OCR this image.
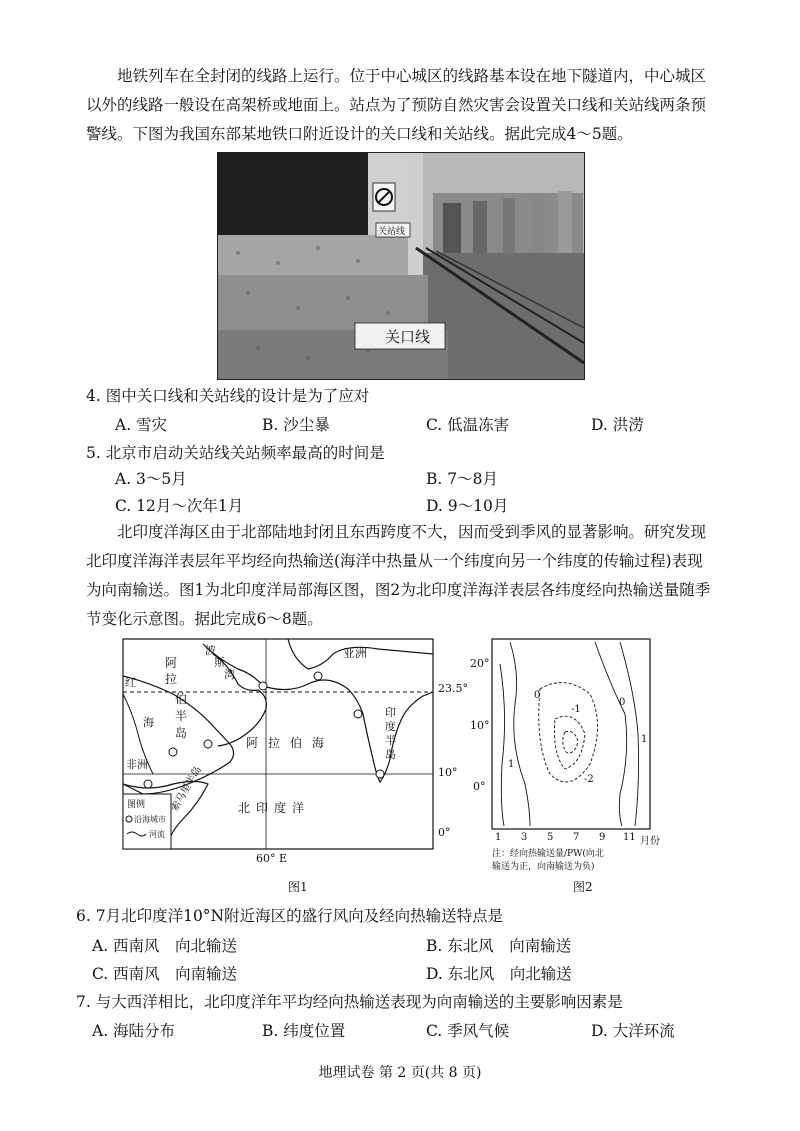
地铁列车在全封闭的线路上运行。位于中心城区的线路基本设在地下隧道内，中心城区以外的线路一般设在高架桥或地面上。站点为了预防自然灾害会设置关口线和关站线两条预警线。下图为我国东部某地铁口附近设计的关口线和关站线。据此完成4～5题。

关站线
关口线
4. 图中关口线和关站线的设计是为了应对
A. 雪灾	B. 沙尘暴	C. 低温冻害	D. 洪涝
5. 北京市启动关站线关站频率最高的时间是
A. 3～5月	B. 7～8月
C. 12月～次年1月	D. 9～10月

北印度洋海区由于北部陆地封闭且东西跨度不大，因而受到季风的显著影响。研究发现北印度洋海洋表层年平均经向热输送(海洋中热量从一个纬度向另一个纬度的传输过程)表现为向南输送。图1为北印度洋局部海区图，图2为北印度洋海洋表层各纬度经向热输送量随季节变化示意图。据此完成6～8题。

阿
拉
伯
半
岛
波
斯
湾
红
海
亚洲
阿 拉 伯 海
印
度
半
岛
非洲
索马里半岛	北印度洋
23.5°
10°
0°
60° E
图例
沿海城市
河流
图1
20°
10°
0°
1 3 5 7 9 11 月份
0
-1
0
1
1
-2
注：经向热输送量/PW(向北
输送为正，向南输送为负)
图2
6. 7月北印度洋10°N附近海区的盛行风向及经向热输送特点是
A. 西南风　向北输送	B. 东北风　向南输送
C. 西南风　向南输送	D. 东北风　向北输送
7. 与大西洋相比，北印度洋年平均经向热输送表现为向南输送的主要影响因素是
A. 海陆分布	B. 纬度位置	C. 季风气候	D. 大洋环流
地理试卷 第 2 页(共 8 页)
